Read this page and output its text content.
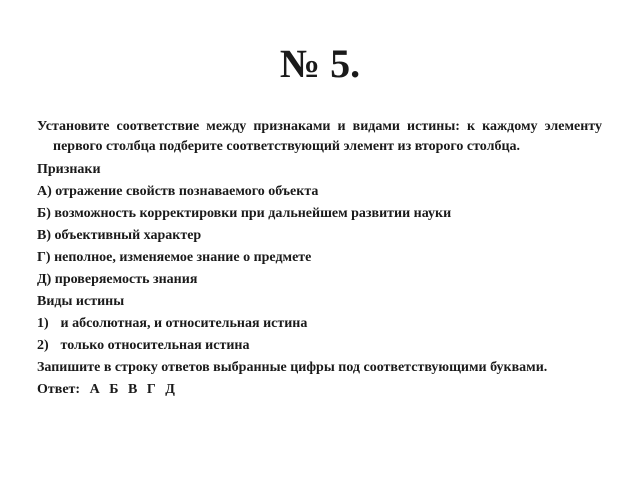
№ 5.

Установите соответствие между признаками и видами истины: к каждому элементу первого столбца подберите соответствующий элемент из второго столбца.

Признаки

А) отражение свойств познаваемого объекта

Б) возможность корректировки при дальнейшем развитии науки

В) объективный характер

Г) неполное, изменяемое знание о предмете

Д) проверяемость знания

Виды истины

1) и абсолютная, и относительная истина

2) только относительная истина

Запишите в строку ответов выбранные цифры под соответствующими буквами.

Ответ: А Б В Г Д
